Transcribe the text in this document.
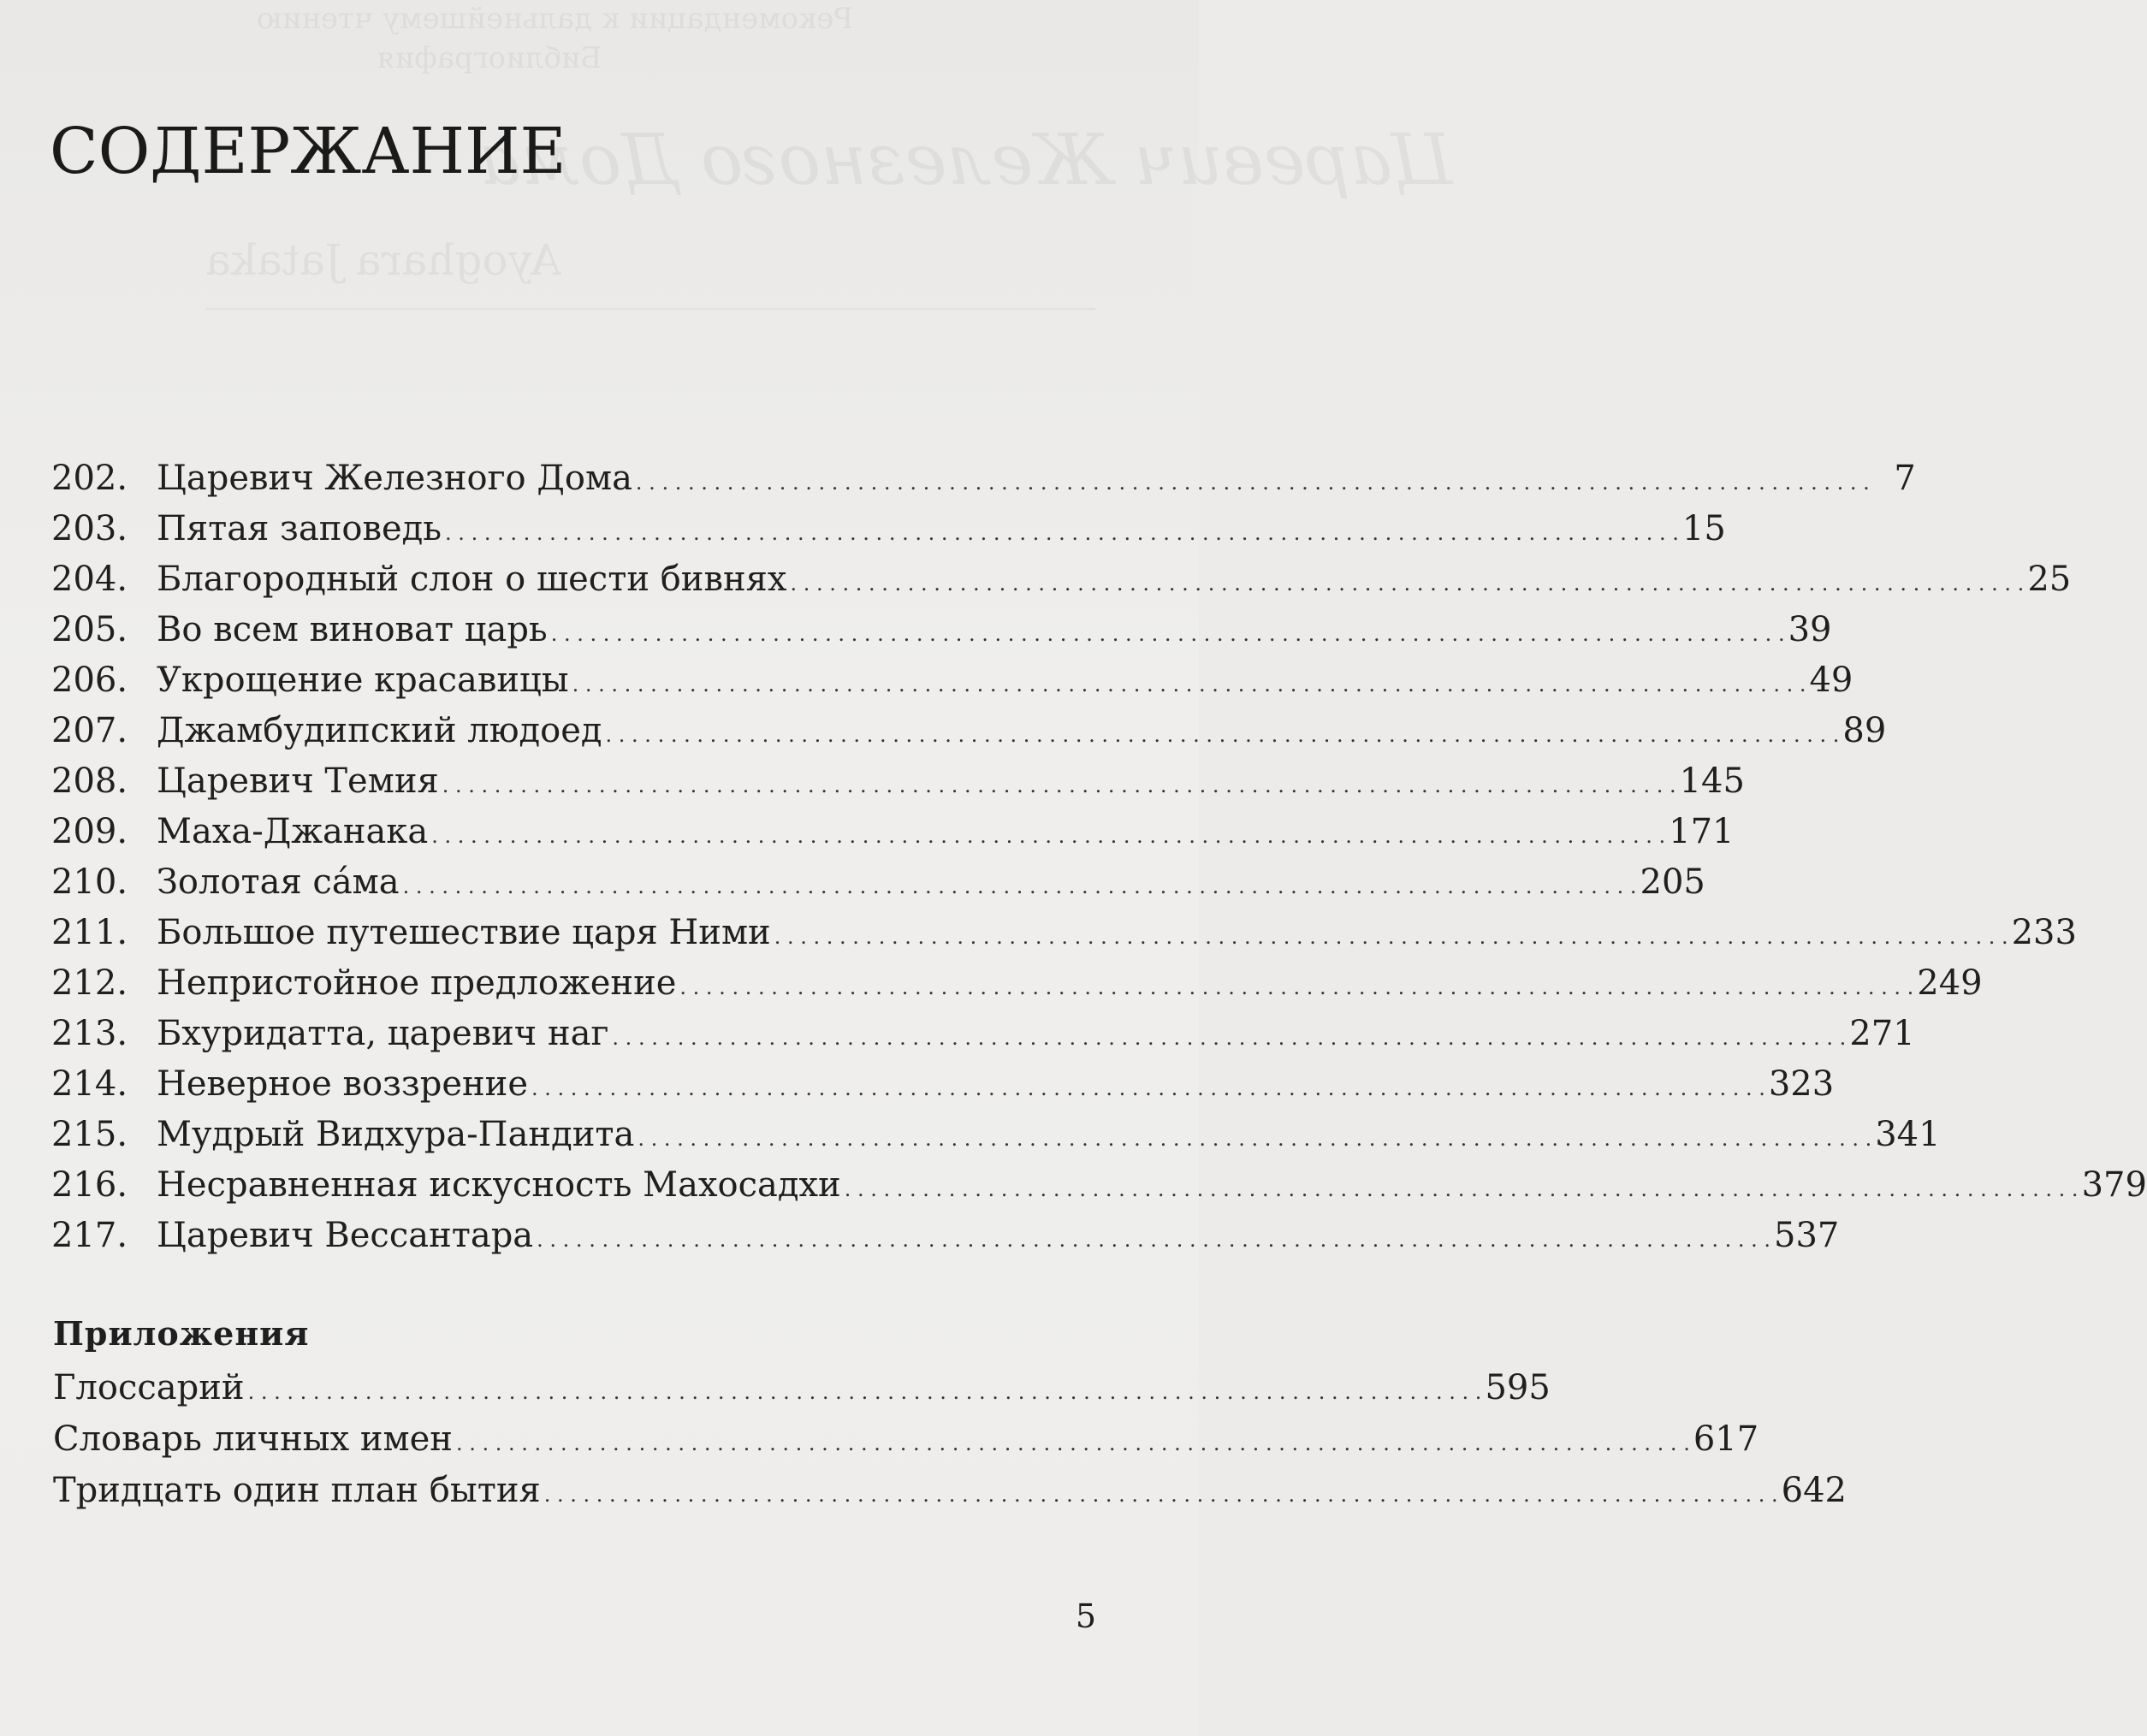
Рекомендации к дальнейшему чтению
Библиография
Царевич Железного Дома
Ayoghara Jataka
СОДЕРЖАНИЕ
202. Царевич Железного Дома . . .	7
203. Пятая заповедь . . .	15
204. Благородный слон о шести бивнях . . .	25
205. Во всем виноват царь . . .	39
206. Укрощение красавицы . . .	49
207. Джамбудипский людоед . . .	89
208. Царевич Темия . . .	145
209. Маха-Джанака . . .	171
210. Золотая са́ма . . .	205
211. Большое путешествие царя Ними . . .	233
212. Непристойное предложение . . .	249
213. Бхуридатта, царевич наг . . .	271
214. Неверное воззрение . . .	323
215. Мудрый Видхура-Пандита . . .	341
216. Несравненная искусность Махосадхи . . .	379
217. Царевич Вессантара . . .	537
Приложения
Глоссарий . . .	595
Словарь личных имен . . .	617
Тридцать один план бытия . . .	642
5
